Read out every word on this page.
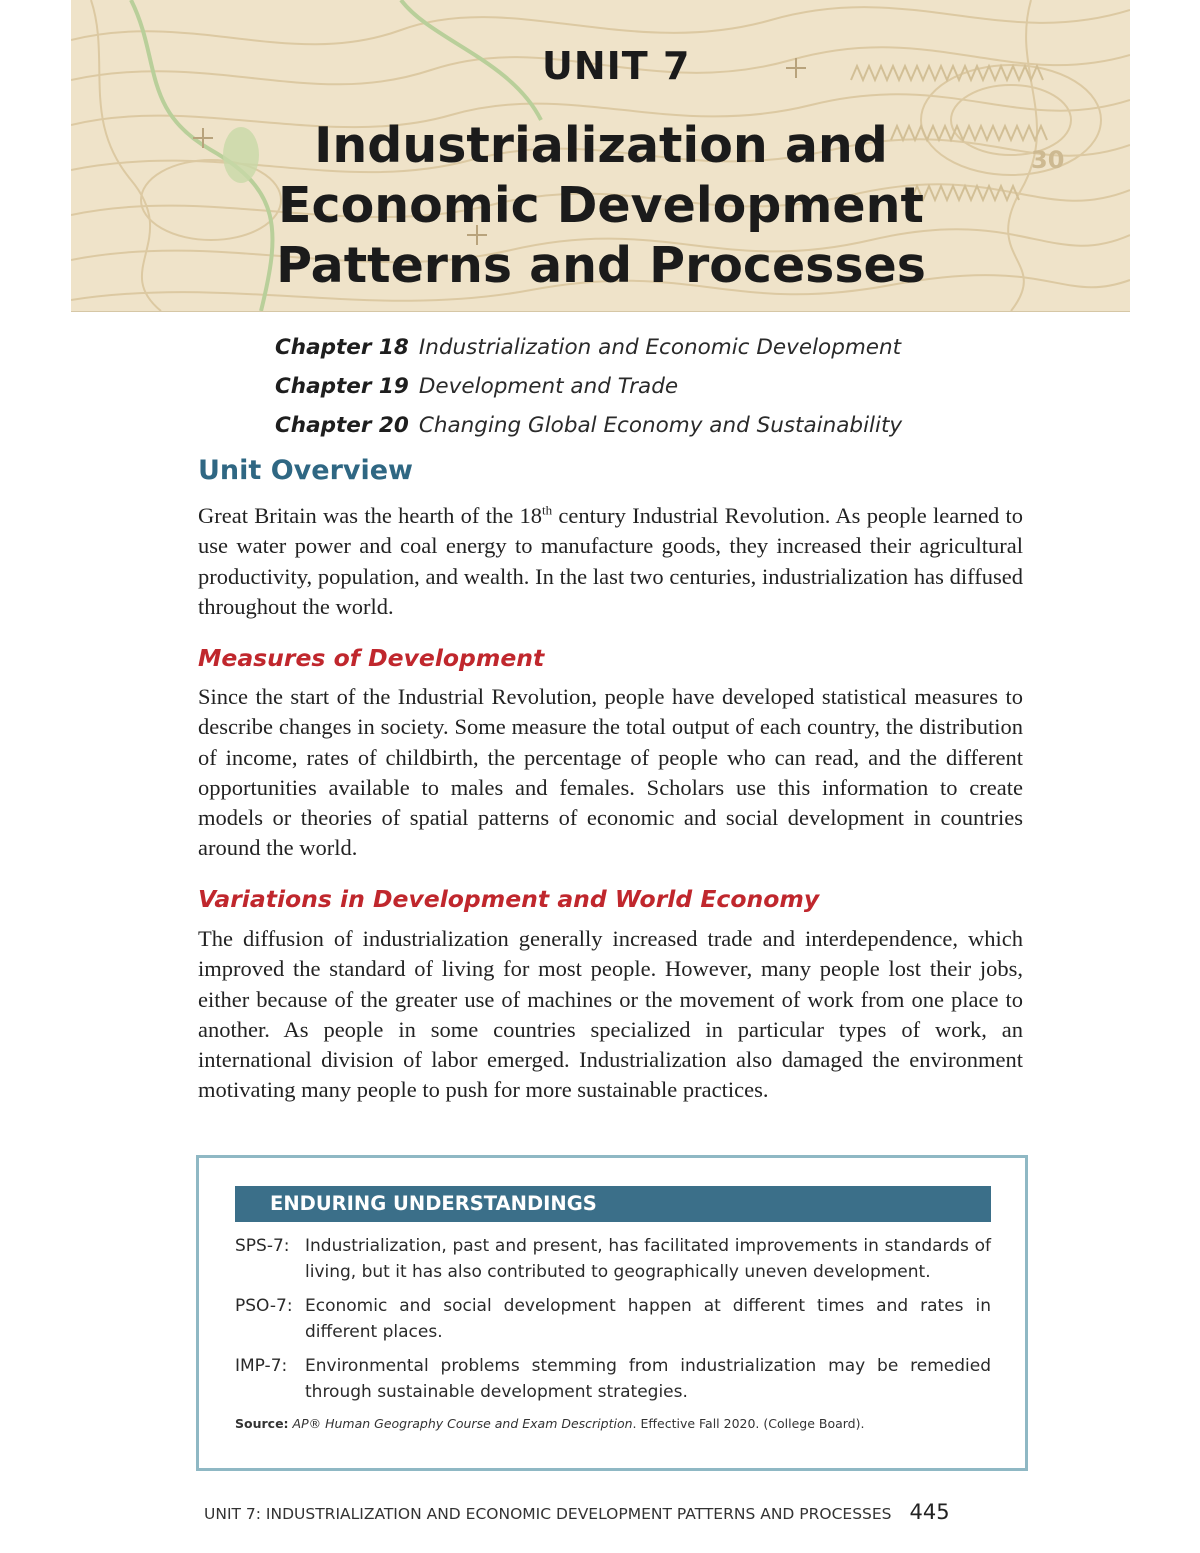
30
UNIT 7
Industrialization and
Economic Development
Patterns and Processes
Chapter 18 Industrialization and Economic Development
Chapter 19 Development and Trade
Chapter 20 Changing Global Economy and Sustainability
Unit Overview

Great Britain was the hearth of the 18th century Industrial Revolution. As people learned to use water power and coal energy to manufacture goods, they increased their agricultural productivity, population, and wealth. In the last two centuries, industrialization has diffused throughout the world.

Measures of Development

Since the start of the Industrial Revolution, people have developed statistical measures to describe changes in society. Some measure the total output of each country, the distribution of income, rates of childbirth, the percentage of people who can read, and the different opportunities available to males and females. Scholars use this information to create models or theories of spatial patterns of economic and social development in countries around the world.

Variations in Development and World Economy

The diffusion of industrialization generally increased trade and interdependence, which improved the standard of living for most people. However, many people lost their jobs, either because of the greater use of machines or the movement of work from one place to another. As people in some countries specialized in particular types of work, an international division of labor emerged. Industrialization also damaged the environment motivating many people to push for more sustainable practices.

ENDURING UNDERSTANDINGS
SPS-7: Industrialization, past and present, has facilitated improvements in standards of living, but it has also contributed to geographically uneven development.
PSO-7: Economic and social development happen at different times and rates in different places.
IMP-7:	Environmental problems stemming from industrialization may be remedied through sustainable development strategies.
Source: AP® Human Geography Course and Exam Description. Effective Fall 2020. (College Board).
UNIT 7: INDUSTRIALIZATION AND ECONOMIC DEVELOPMENT PATTERNS AND PROCESSES 445
